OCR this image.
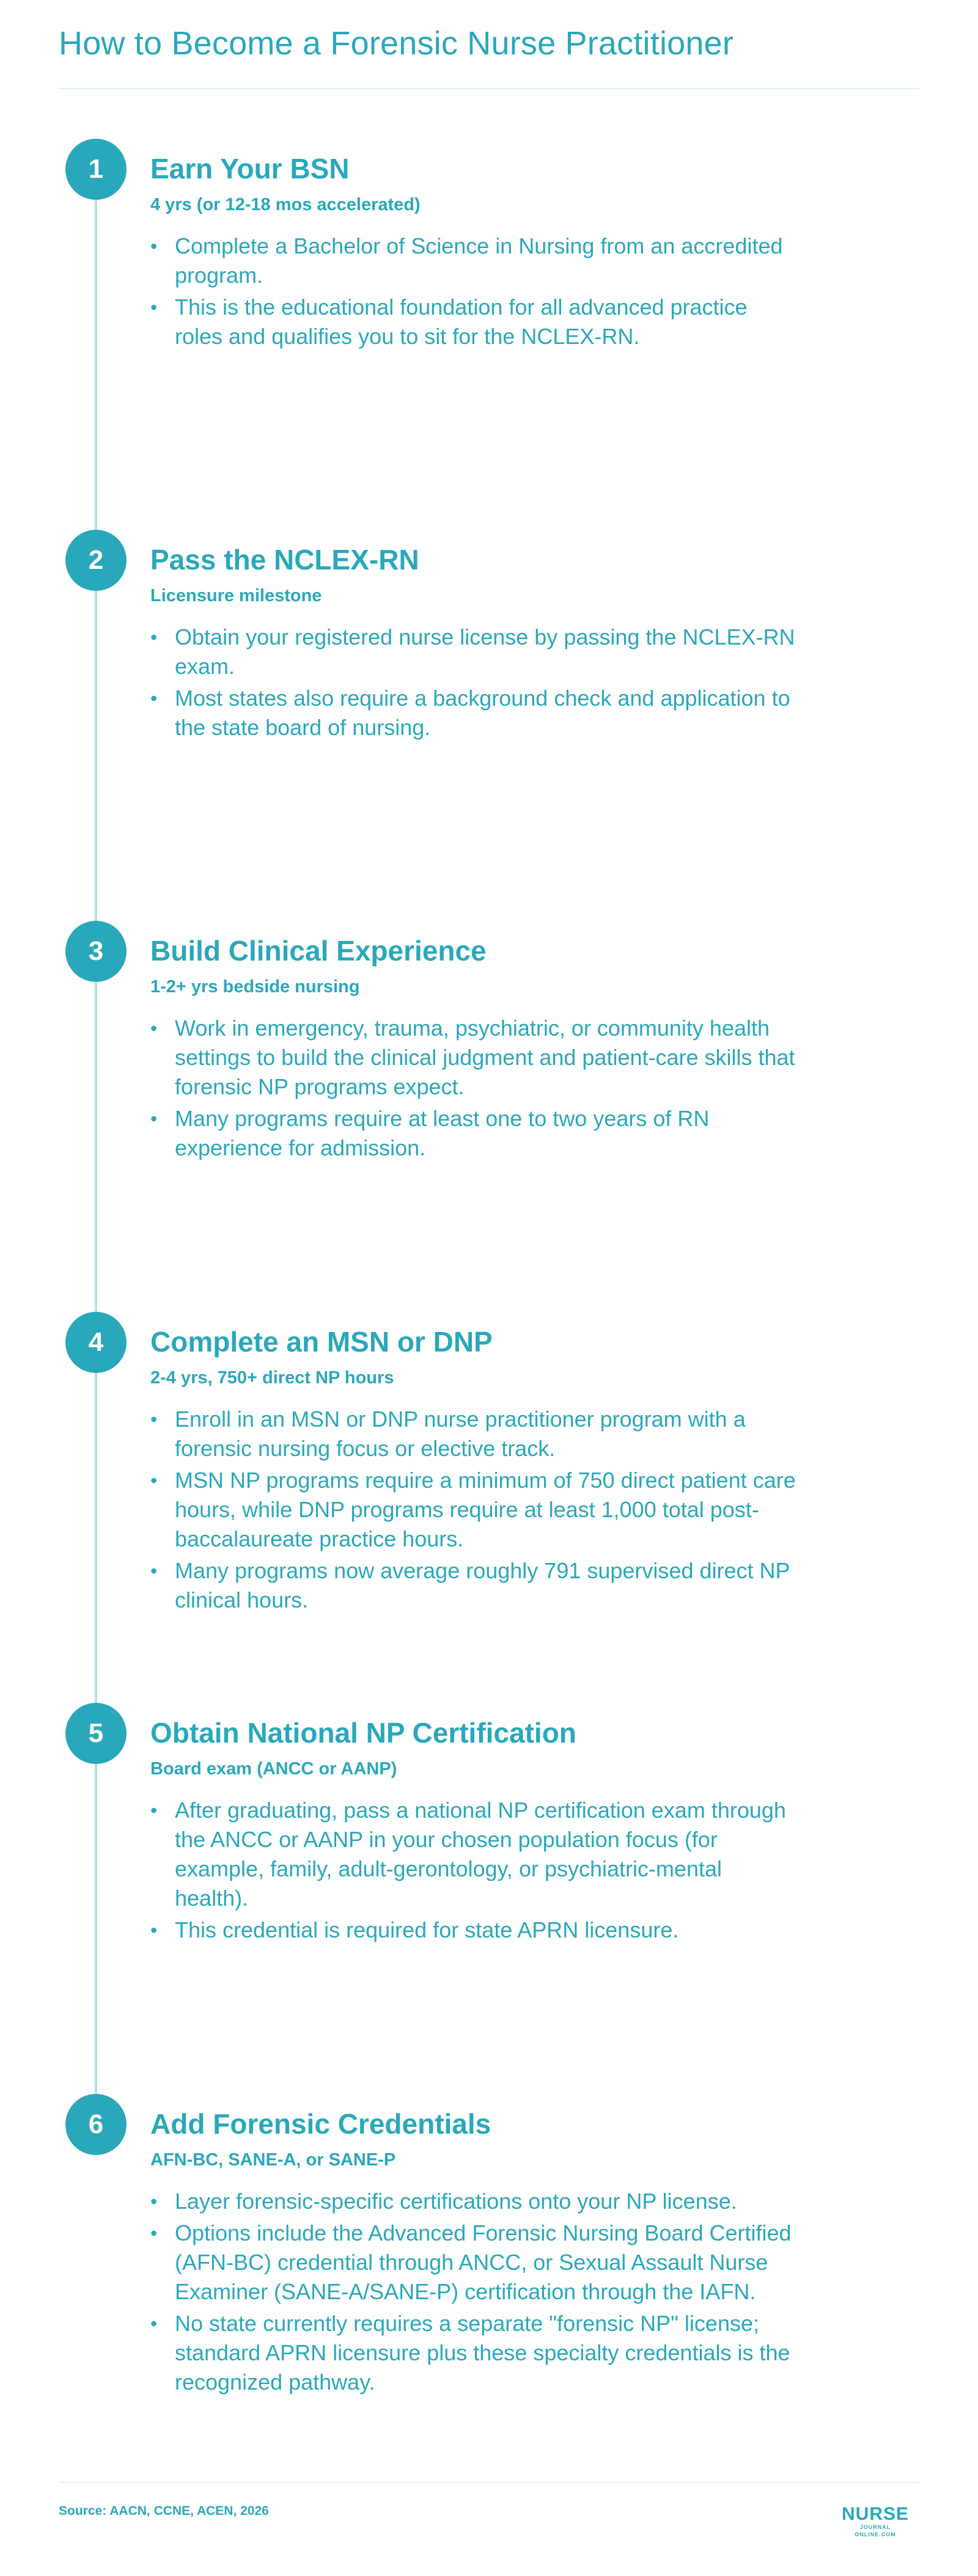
How to Become a Forensic Nurse Practitioner
1	Earn Your BSN
4 yrs (or 12-18 mos accelerated)
• Complete a Bachelor of Science in Nursing from an accredited program.
• This is the educational foundation for all advanced practice roles and qualifies you to sit for the NCLEX-RN.
2	Pass the NCLEX-RN
Licensure milestone
• Obtain your registered nurse license by passing the NCLEX-RN exam.
• Most states also require a background check and application to the state board of nursing.
3	Build Clinical Experience
1-2+ yrs bedside nursing
• Work in emergency, trauma, psychiatric, or community health settings to build the clinical judgment and patient-care skills that forensic NP programs expect.
• Many programs require at least one to two years of RN experience for admission.
4	Complete an MSN or DNP
2-4 yrs, 750+ direct NP hours
• Enroll in an MSN or DNP nurse practitioner program with a forensic nursing focus or elective track.
• MSN NP programs require a minimum of 750 direct patient care hours, while DNP programs require at least 1,000 total post-baccalaureate practice hours.
• Many programs now average roughly 791 supervised direct NP clinical hours.
5	Obtain National NP Certification
Board exam (ANCC or AANP)
• After graduating, pass a national NP certification exam through the ANCC or AANP in your chosen population focus (for example, family, adult-gerontology, or psychiatric-mental health).
• This credential is required for state APRN licensure.
6	Add Forensic Credentials
AFN-BC, SANE-A, or SANE-P
• Layer forensic-specific certifications onto your NP license.
• Options include the Advanced Forensic Nursing Board Certified (AFN-BC) credential through ANCC, or Sexual Assault Nurse Examiner (SANE-A/SANE-P) certification through the IAFN.
• No state currently requires a separate "forensic NP" license; standard APRN licensure plus these specialty credentials is the recognized pathway.
Source: AACN, CCNE, ACEN, 2026	NURSE
JOURNAL ONLINE.COM
